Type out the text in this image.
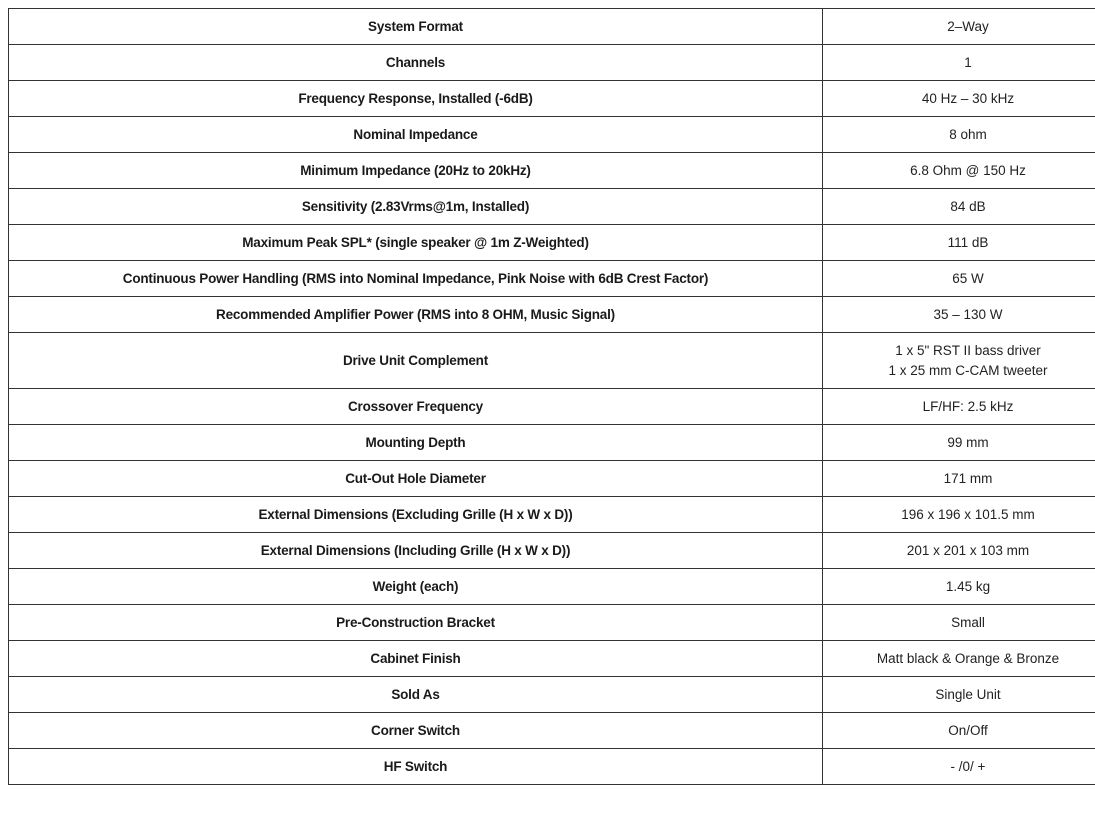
System Format	2–Way
Channels	1
Frequency Response, Installed (-6dB)	40 Hz – 30 kHz
Nominal Impedance	8 ohm
Minimum Impedance (20Hz to 20kHz)	6.8 Ohm @ 150 Hz
Sensitivity (2.83Vrms@1m, Installed)	84 dB
Maximum Peak SPL* (single speaker @ 1m Z-Weighted)	111 dB
Continuous Power Handling (RMS into Nominal Impedance, Pink Noise with 6dB Crest Factor)	65 W
Recommended Amplifier Power (RMS into 8 OHM, Music Signal)	35 – 130 W
Drive Unit Complement	1 x 5" RST II bass driver
1 x 25 mm C-CAM tweeter

Crossover Frequency	LF/HF: 2.5 kHz
Mounting Depth	99 mm
Cut-Out Hole Diameter	171 mm
External Dimensions (Excluding Grille (H x W x D))	196 x 196 x 101.5 mm
External Dimensions (Including Grille (H x W x D))	201 x 201 x 103 mm
Weight (each)	1.45 kg
Pre-Construction Bracket	Small
Cabinet Finish	Matt black & Orange & Bronze
Sold As	Single Unit
Corner Switch	On/Off
HF Switch	- /0/ +
